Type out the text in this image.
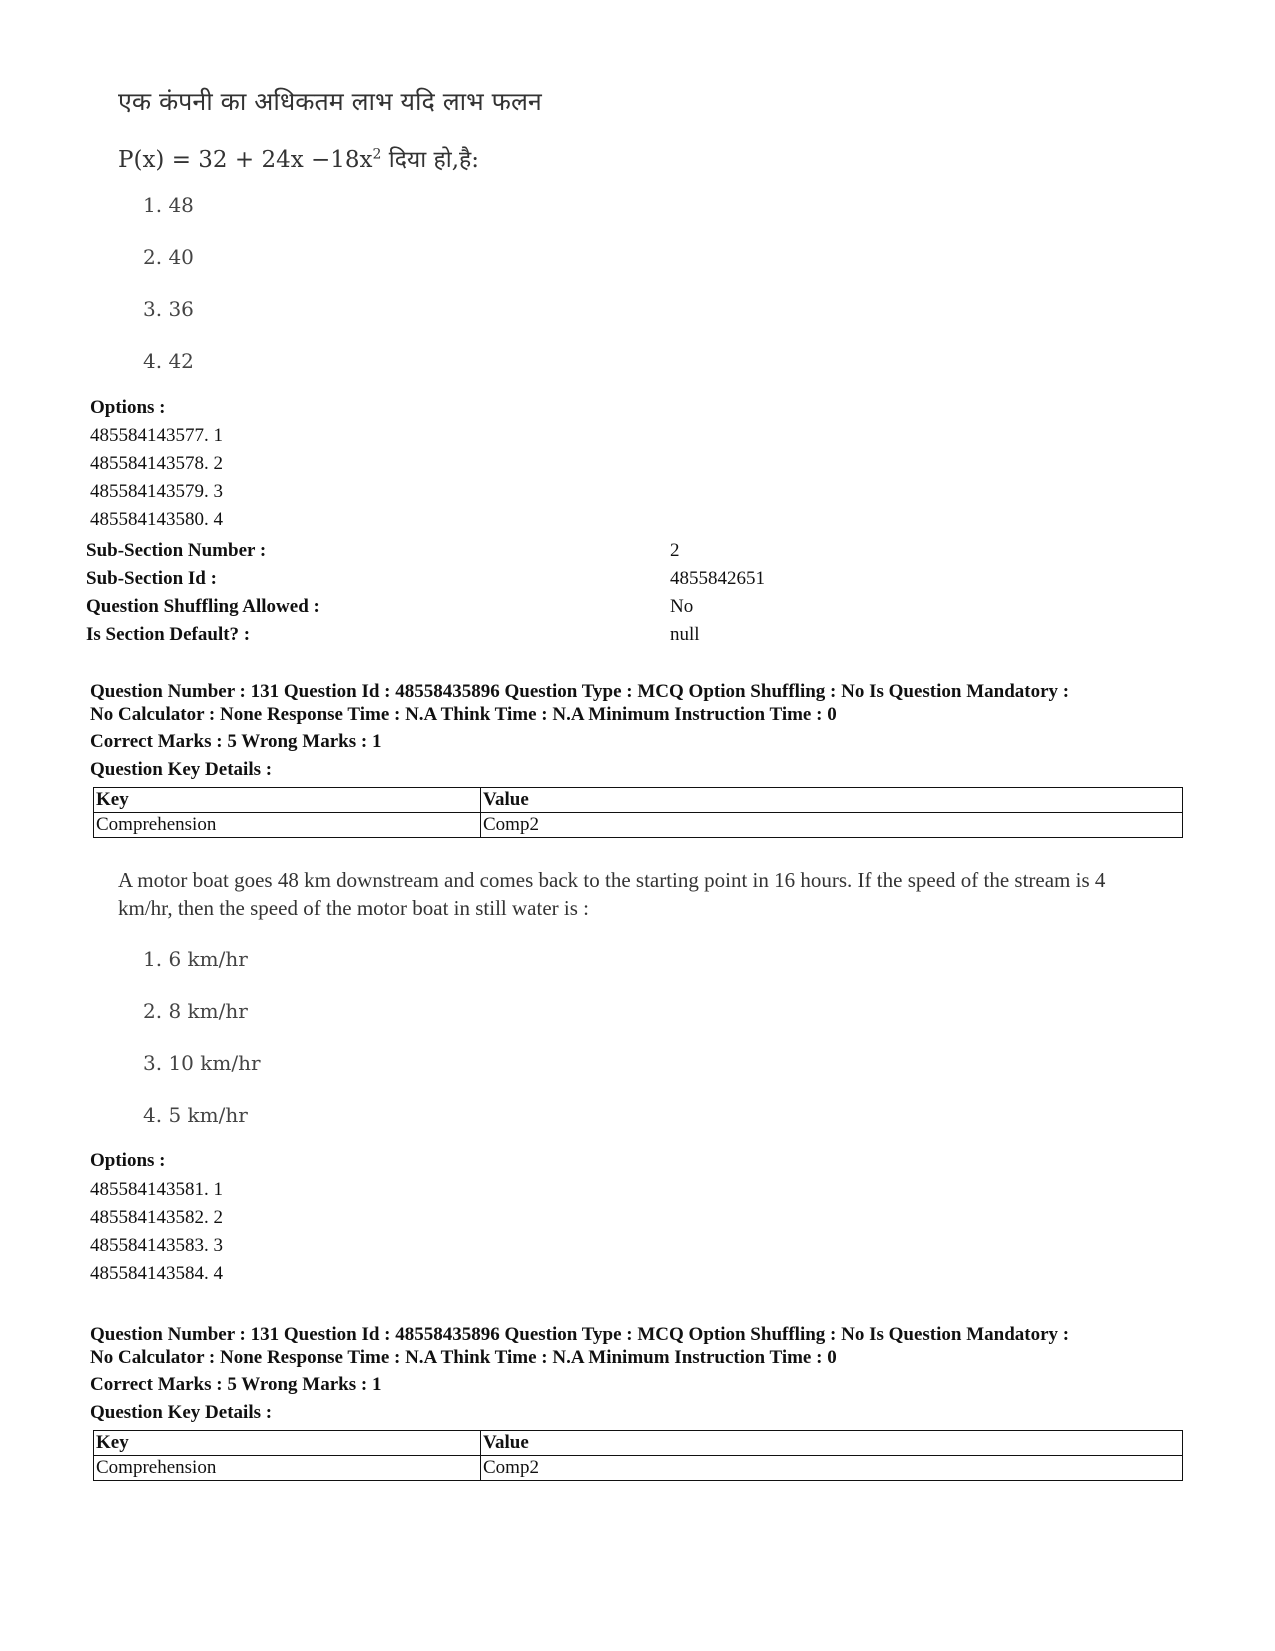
एक कंपनी का अधिकतम लाभ यदि लाभ फलन
$P(x) = 32 + 24x -18x^2$ दिया हो,है:
1. 48
2. 40
3. 36
4. 42
Options :
485584143577. 1
485584143578. 2
485584143579. 3
485584143580. 4
Sub-Section Number :	2
Sub-Section Id :	4855842651
Question Shuffling Allowed :	No
Is Section Default? :	null
Question Number : 131 Question Id : 48558435896 Question Type : MCQ Option Shuffling : No Is Question Mandatory :
No Calculator : None Response Time : N.A Think Time : N.A Minimum Instruction Time : 0
Correct Marks : 5 Wrong Marks : 1
Question Key Details :
Key	Value
Comprehension	Comp2
A motor boat goes 48 km downstream and comes back to the starting point in 16 hours. If the speed of the stream is 4 km/hr, then the speed of the motor boat in still water is :
1. 6 km/hr
2. 8 km/hr
3. 10 km/hr
4. 5 km/hr
Options :
485584143581. 1
485584143582. 2
485584143583. 3
485584143584. 4
Question Number : 131 Question Id : 48558435896 Question Type : MCQ Option Shuffling : No Is Question Mandatory :
No Calculator : None Response Time : N.A Think Time : N.A Minimum Instruction Time : 0
Correct Marks : 5 Wrong Marks : 1
Question Key Details :
Key	Value
Comprehension	Comp2
